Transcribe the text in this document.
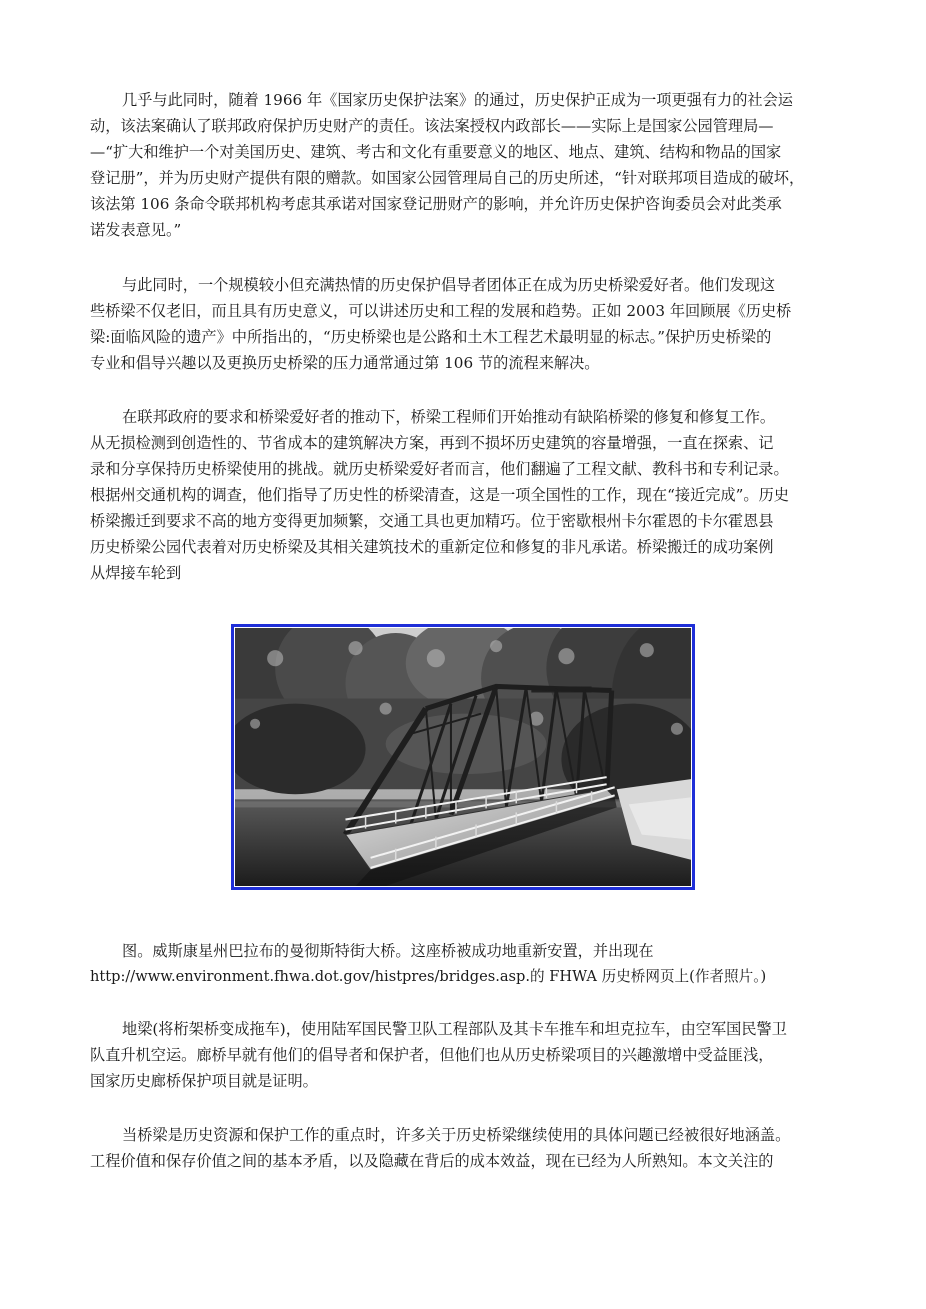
几乎与此同时，随着 1966 年《国家历史保护法案》的通过，历史保护正成为一项更强有力的社会运
动，该法案确认了联邦政府保护历史财产的责任。该法案授权内政部长——实际上是国家公园管理局—
—“扩大和维护一个对美国历史、建筑、考古和文化有重要意义的地区、地点、建筑、结构和物品的国家
登记册”，并为历史财产提供有限的赠款。如国家公园管理局自己的历史所述，“针对联邦项目造成的破坏，
该法第 106 条命令联邦机构考虑其承诺对国家登记册财产的影响，并允许历史保护咨询委员会对此类承
诺发表意见。”
与此同时，一个规模较小但充满热情的历史保护倡导者团体正在成为历史桥梁爱好者。他们发现这
些桥梁不仅老旧，而且具有历史意义，可以讲述历史和工程的发展和趋势。正如 2003 年回顾展《历史桥
梁:面临风险的遗产》中所指出的，“历史桥梁也是公路和土木工程艺术最明显的标志。”保护历史桥梁的
专业和倡导兴趣以及更换历史桥梁的压力通常通过第 106 节的流程来解决。
在联邦政府的要求和桥梁爱好者的推动下，桥梁工程师们开始推动有缺陷桥梁的修复和修复工作。
从无损检测到创造性的、节省成本的建筑解决方案，再到不损坏历史建筑的容量增强，一直在探索、记
录和分享保持历史桥梁使用的挑战。就历史桥梁爱好者而言，他们翻遍了工程文献、教科书和专利记录。
根据州交通机构的调查，他们指导了历史性的桥梁清查，这是一项全国性的工作，现在“接近完成”。历史
桥梁搬迁到要求不高的地方变得更加频繁，交通工具也更加精巧。位于密歇根州卡尔霍恩的卡尔霍恩县
历史桥梁公园代表着对历史桥梁及其相关建筑技术的重新定位和修复的非凡承诺。桥梁搬迁的成功案例
从焊接车轮到
图。威斯康星州巴拉布的曼彻斯特街大桥。这座桥被成功地重新安置，并出现在
http://www.environment.fhwa.dot.gov/histpres/bridges.asp.的 FHWA 历史桥网页上(作者照片。)
地梁(将桁架桥变成拖车)，使用陆军国民警卫队工程部队及其卡车推车和坦克拉车，由空军国民警卫
队直升机空运。廊桥早就有他们的倡导者和保护者，但他们也从历史桥梁项目的兴趣激增中受益匪浅，
国家历史廊桥保护项目就是证明。
当桥梁是历史资源和保护工作的重点时，许多关于历史桥梁继续使用的具体问题已经被很好地涵盖。
工程价值和保存价值之间的基本矛盾，以及隐藏在背后的成本效益，现在已经为人所熟知。本文关注的
